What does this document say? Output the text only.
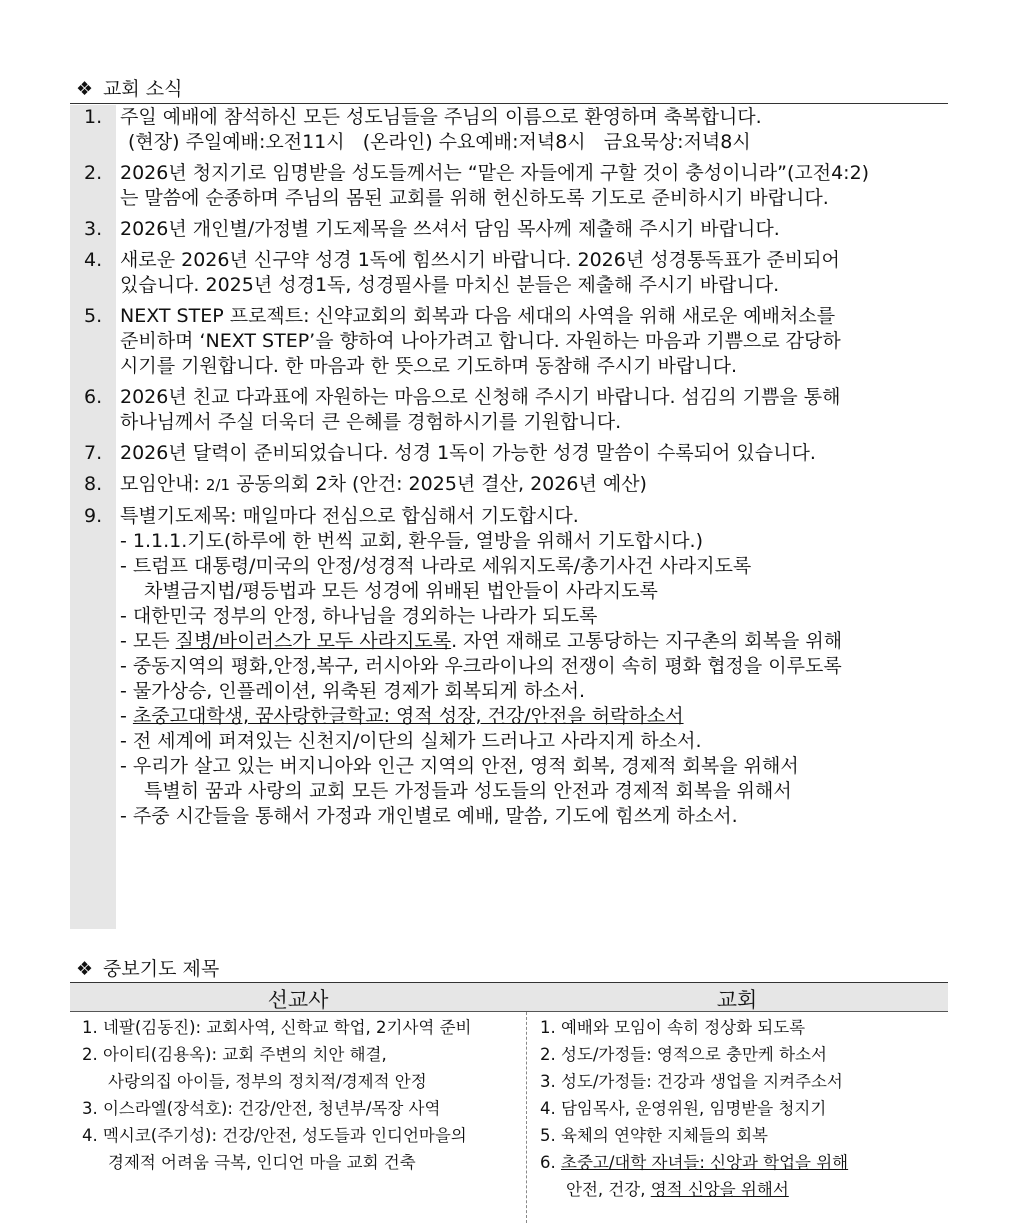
❖ 교회 소식
1. 주일 예배에 참석하신 모든 성도님들을 주님의 이름으로 환영하며 축복합니다.
(현장) 주일예배:오전11시   (온라인) 수요예배:저녁8시   금요묵상:저녁8시
2. 2026년 청지기로 임명받을 성도들께서는 “맡은 자들에게 구할 것이 충성이니라”(고전4:2)
는 말씀에 순종하며 주님의 몸된 교회를 위해 헌신하도록 기도로 준비하시기 바랍니다.
3. 2026년 개인별/가정별 기도제목을 쓰셔서 담임 목사께 제출해 주시기 바랍니다.
4. 새로운 2026년 신구약 성경 1독에 힘쓰시기 바랍니다. 2026년 성경통독표가 준비되어
있습니다. 2025년 성경1독, 성경필사를 마치신 분들은 제출해 주시기 바랍니다.
5. NEXT STEP 프로젝트: 신약교회의 회복과 다음 세대의 사역을 위해 새로운 예배처소를
준비하며 ‘NEXT STEP’을 향하여 나아가려고 합니다. 자원하는 마음과 기쁨으로 감당하
시기를 기원합니다. 한 마음과 한 뜻으로 기도하며 동참해 주시기 바랍니다.
6. 2026년 친교 다과표에 자원하는 마음으로 신청해 주시기 바랍니다. 섬김의 기쁨을 통해
하나님께서 주실 더욱더 큰 은혜를 경험하시기를 기원합니다.
7. 2026년 달력이 준비되었습니다. 성경 1독이 가능한 성경 말씀이 수록되어 있습니다.
8. 모임안내: 2/1 공동의회 2차 (안건: 2025년 결산, 2026년 예산)
9. 특별기도제목: 매일마다 전심으로 합심해서 기도합시다.
- 1.1.1.기도(하루에 한 번씩 교회, 환우들, 열방을 위해서 기도합시다.)
- 트럼프 대통령/미국의 안정/성경적 나라로 세워지도록/총기사건 사라지도록
차별금지법/평등법과 모든 성경에 위배된 법안들이 사라지도록
- 대한민국 정부의 안정, 하나님을 경외하는 나라가 되도록
- 모든 질병/바이러스가 모두 사라지도록. 자연 재해로 고통당하는 지구촌의 회복을 위해
- 중동지역의 평화,안정,복구, 러시아와 우크라이나의 전쟁이 속히 평화 협정을 이루도록
- 물가상승, 인플레이션, 위축된 경제가 회복되게 하소서.
- 초중고대학생, 꿈사랑한글학교: 영적 성장, 건강/안전을 허락하소서
- 전 세계에 퍼져있는 신천지/이단의 실체가 드러나고 사라지게 하소서.
- 우리가 살고 있는 버지니아와 인근 지역의 안전, 영적 회복, 경제적 회복을 위해서
특별히 꿈과 사랑의 교회 모든 가정들과 성도들의 안전과 경제적 회복을 위해서
- 주중 시간들을 통해서 가정과 개인별로 예배, 말씀, 기도에 힘쓰게 하소서.
❖ 중보기도 제목
선교사	교회
1. 네팔(김동진): 교회사역, 신학교 학업, 2기사역 준비
2. 아이티(김용옥): 교회 주변의 치안 해결,
사랑의집 아이들, 정부의 정치적/경제적 안정
3. 이스라엘(장석호): 건강/안전, 청년부/목장 사역
4. 멕시코(주기성): 건강/안전, 성도들과 인디언마을의
경제적 어려움 극복, 인디언 마을 교회 건축
1. 예배와 모임이 속히 정상화 되도록
2. 성도/가정들: 영적으로 충만케 하소서
3. 성도/가정들: 건강과 생업을 지켜주소서
4. 담임목사, 운영위원, 임명받을 청지기
5. 육체의 연약한 지체들의 회복
6. 초중고/대학 자녀들: 신앙과 학업을 위해
안전, 건강, 영적 신앙을 위해서
